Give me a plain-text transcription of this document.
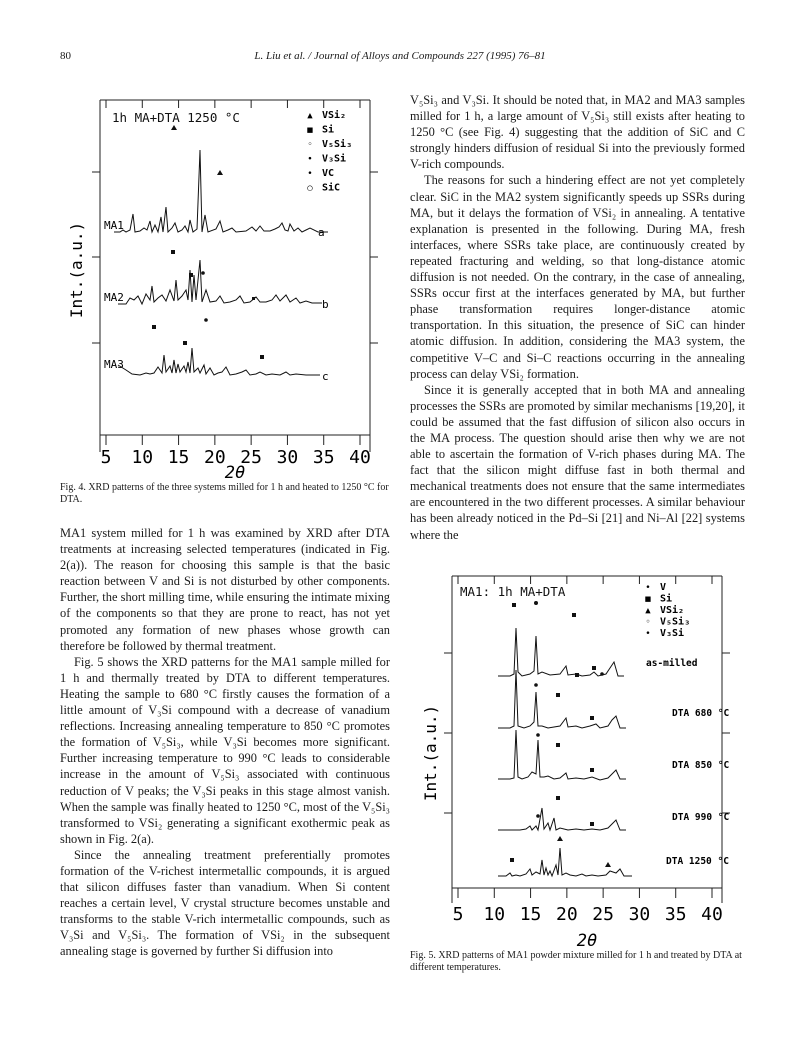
80	L. Liu et al. / Journal of Alloys and Compounds 227 (1995) 76–81
1h MA+DTA 1250 °C	▲ VSi₂
■ Si
◦ V₅Si₃
• V₃Si
• VC
○ SiC
MA1
a
MA2
b
MA3
c
Int.(a.u.)
5 10 15 20 25 30 35 40
2θ
Fig. 4. XRD patterns of the three systems milled for 1 h and heated to 1250 °C for DTA.
MA1: 1h MA+DTA	• V
■ Si
▲ VSi₂
◦ V₅Si₃
• V₃Si
as-milled
DTA 680 °C
DTA 850 °C
DTA 990 °C
DTA 1250 °C
Int.(a.u.)
5 10 15 20 25 30 35 40
2θ
Fig. 5. XRD patterns of MA1 powder mixture milled for 1 h and treated by DTA at different temperatures.

MA1 system milled for 1 h was examined by XRD after DTA treatments at increasing selected temperatures (indicated in Fig. 2(a)). The reason for choosing this sample is that the basic reaction between V and Si is not disturbed by other components. Further, the short milling time, while ensuring the intimate mixing of the components so that they are prone to react, has not yet promoted any formation of new phases whose growth can therefore be followed by thermal treatment.

Fig. 5 shows the XRD patterns for the MA1 sample milled for 1 h and thermally treated by DTA to different temperatures. Heating the sample to 680 °C firstly causes the formation of a little amount of V₃Si compound with a decrease of vanadium reflections. Increasing annealing temperature to 850 °C promotes the formation of V₅Si₃, while V₃Si becomes more significant. Further increasing temperature to 990 °C leads to considerable increase in the amount of V₅Si₃ associated with continuous reduction of V peaks; the V₃Si peaks in this stage almost vanish. When the sample was finally heated to 1250 °C, most of the V₅Si₃ transformed to VSi₂ generating a significant exothermic peak as shown in Fig. 2(a).

Since the annealing treatment preferentially promotes formation of the V-richest intermetallic compounds, it is argued that silicon diffuses faster than vanadium. When Si content reaches a certain level, V crystal structure becomes unstable and transforms to the stable V-rich intermetallic compounds, such as V₃Si and V₅Si₃. The formation of VSi₂ in the subsequent annealing stage is governed by further Si diffusion into

V₅Si₃ and V₃Si. It should be noted that, in MA2 and MA3 samples milled for 1 h, a large amount of V₅Si₃ still exists after heating to 1250 °C (see Fig. 4) suggesting that the addition of SiC and C strongly hinders diffusion of residual Si into the previously formed V-rich compounds.

The reasons for such a hindering effect are not yet completely clear. SiC in the MA2 system significantly speeds up SSRs during MA, but it delays the formation of VSi₂ in annealing. A tentative explanation is presented in the following. During MA, fresh interfaces, where SSRs take place, are continuously created by repeated fracturing and welding, so that long-distance atomic diffusion is not needed. On the contrary, in the case of annealing, SSRs occur first at the interfaces generated by MA, but further phase transformation requires longer-distance atomic transportation. In this situation, the presence of SiC can hinder atomic diffusion. In addition, considering the MA3 system, the competitive V–C and Si–C reactions occurring in the annealing process can delay VSi₂ formation.

Since it is generally accepted that in both MA and annealing processes the SSRs are promoted by similar mechanisms [19,20], it could be assumed that the fast diffusion of silicon also occurs in the MA process. The question should arise then why we are not able to ascertain the formation of V-rich phases during MA. The fact that the silicon might diffuse fast in both thermal and mechanical treatments does not ensure that the same intermediates are encountered in the two different processes. A similar behaviour has been already noticed in the Pd–Si [21] and Ni–Al [22] systems where the
